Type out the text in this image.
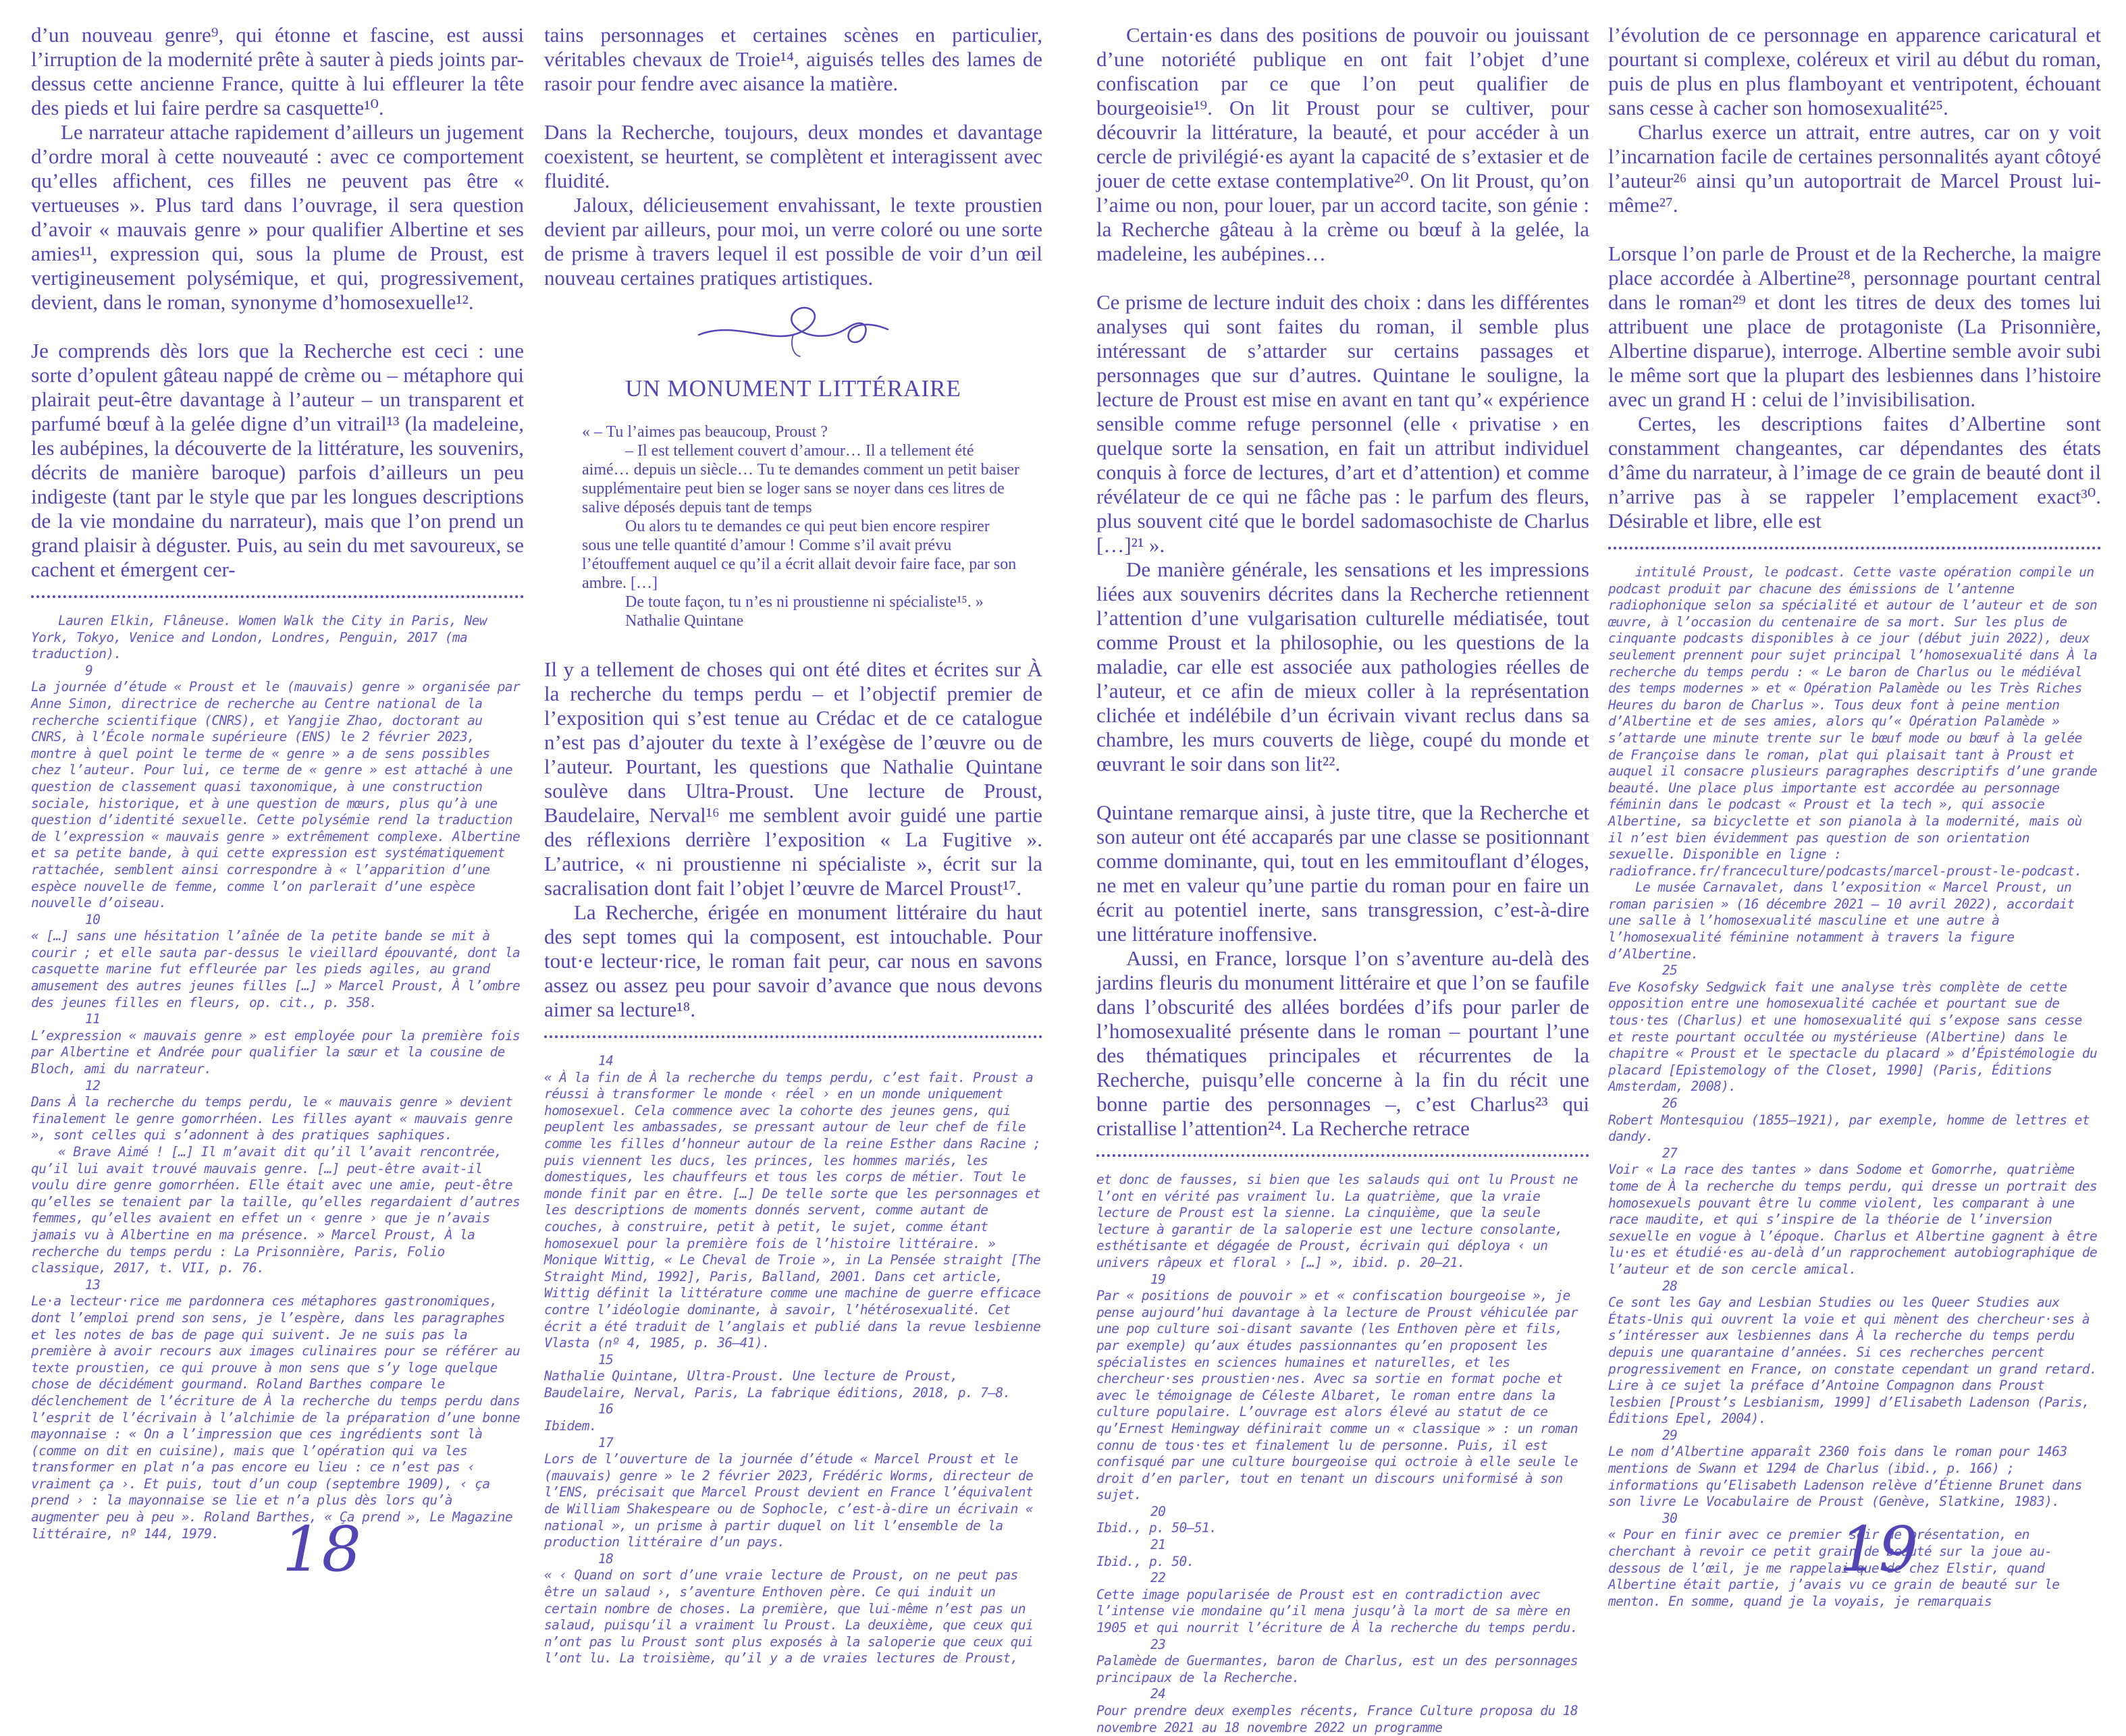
d’un nouveau genre⁹, qui étonne et fascine, est aussi l’irruption de la modernité prête à sauter à pieds joints par-dessus cette ancienne France, quitte à lui effleurer la tête des pieds et lui faire perdre sa casquette¹⁰.

Le narrateur attache rapidement d’ailleurs un jugement d’ordre moral à cette nouveauté : avec ce comportement qu’elles affichent, ces filles ne peuvent pas être « vertueuses ». Plus tard dans l’ouvrage, il sera question d’avoir « mauvais genre » pour qualifier Albertine et ses amies¹¹, expression qui, sous la plume de Proust, est vertigineusement polysémique, et qui, progressivement, devient, dans le roman, synonyme d’homosexuelle¹².

Je comprends dès lors que la Recherche est ceci : une sorte d’opulent gâteau nappé de crème ou – métaphore qui plairait peut-être davantage à l’auteur – un transparent et parfumé bœuf à la gelée digne d’un vitrail¹³ (la madeleine, les aubépines, la découverte de la littérature, les souvenirs, décrits de manière baroque) parfois d’ailleurs un peu indigeste (tant par le style que par les longues descriptions de la vie mondaine du narrateur), mais que l’on prend un grand plaisir à déguster. Puis, au sein du met savoureux, se cachent et émergent cer-

Lauren Elkin, Flâneuse. Women Walk the City in Paris, New York, Tokyo, Venice and London, Londres, Penguin, 2017 (ma traduction).

9

La journée d’étude « Proust et le (mauvais) genre » organisée par Anne Simon, directrice de recherche au Centre national de la recherche scientifique (CNRS), et Yangjie Zhao, doctorant au CNRS, à l’École normale supérieure (ENS) le 2 février 2023, montre à quel point le terme de « genre » a de sens possibles chez l’auteur. Pour lui, ce terme de « genre » est attaché à une question de classement quasi taxonomique, à une construction sociale, historique, et à une question de mœurs, plus qu’à une question d’identité sexuelle. Cette polysémie rend la traduction de l’expression « mauvais genre » extrêmement complexe. Albertine et sa petite bande, à qui cette expression est systématiquement rattachée, semblent ainsi correspondre à « l’apparition d’une espèce nouvelle de femme, comme l’on parlerait d’une espèce nouvelle d’oiseau.

10

« […] sans une hésitation l’aînée de la petite bande se mit à courir ; et elle sauta par-dessus le vieillard épouvanté, dont la casquette marine fut effleurée par les pieds agiles, au grand amusement des autres jeunes filles […] » Marcel Proust, À l’ombre des jeunes filles en fleurs, op. cit., p. 358.

11

L’expression « mauvais genre » est employée pour la première fois par Albertine et Andrée pour qualifier la sœur et la cousine de Bloch, ami du narrateur.

12

Dans À la recherche du temps perdu, le « mauvais genre » devient finalement le genre gomorrhéen. Les filles ayant « mauvais genre », sont celles qui s’adonnent à des pratiques saphiques.

« Brave Aimé ! […] Il m’avait dit qu’il l’avait rencontrée, qu’il lui avait trouvé mauvais genre. […] peut-être avait-il voulu dire genre gomorrhéen. Elle était avec une amie, peut-être qu’elles se tenaient par la taille, qu’elles regardaient d’autres femmes, qu’elles avaient en effet un ‹ genre › que je n’avais jamais vu à Albertine en ma présence. » Marcel Proust, À la recherche du temps perdu : La Prisonnière, Paris, Folio classique, 2017, t. VII, p. 76.

13

Le·a lecteur·rice me pardonnera ces métaphores gastronomiques, dont l’emploi prend son sens, je l’espère, dans les paragraphes et les notes de bas de page qui suivent. Je ne suis pas la première à avoir recours aux images culinaires pour se référer au texte proustien, ce qui prouve à mon sens que s’y loge quelque chose de décidément gourmand. Roland Barthes compare le déclenchement de l’écriture de À la recherche du temps perdu dans l’esprit de l’écrivain à l’alchimie de la préparation d’une bonne mayonnaise : « On a l’impression que ces ingrédients sont là (comme on dit en cuisine), mais que l’opération qui va les transformer en plat n’a pas encore eu lieu : ce n’est pas ‹ vraiment ça ›. Et puis, tout d’un coup (septembre 1909), ‹ ça prend › : la mayonnaise se lie et n’a plus dès lors qu’à augmenter peu à peu ». Roland Barthes, « Ça prend », Le Magazine littéraire, nº 144, 1979.

tains personnages et certaines scènes en particulier, véritables chevaux de Troie¹⁴, aiguisés telles des lames de rasoir pour fendre avec aisance la matière.

Dans la Recherche, toujours, deux mondes et davantage coexistent, se heurtent, se complètent et interagissent avec fluidité.

Jaloux, délicieusement envahissant, le texte proustien devient par ailleurs, pour moi, un verre coloré ou une sorte de prisme à travers lequel il est possible de voir d’un œil nouveau certaines pratiques artistiques.

UN MONUMENT LITTÉRAIRE

« – Tu l’aimes pas beaucoup, Proust ?

– Il est tellement couvert d’amour… Il a tellement été aimé… depuis un siècle… Tu te demandes comment un petit baiser supplémentaire peut bien se loger sans se noyer dans ces litres de salive déposés depuis tant de temps

Ou alors tu te demandes ce qui peut bien encore respirer sous une telle quantité d’amour ! Comme s’il avait prévu l’étouffement auquel ce qu’il a écrit allait devoir faire face, par son ambre. […]

De toute façon, tu n’es ni proustienne ni spécialiste¹⁵. »

Nathalie Quintane

Il y a tellement de choses qui ont été dites et écrites sur À la recherche du temps perdu – et l’objectif premier de l’exposition qui s’est tenue au Crédac et de ce catalogue n’est pas d’ajouter du texte à l’exégèse de l’œuvre ou de l’auteur. Pourtant, les questions que Nathalie Quintane soulève dans Ultra-Proust. Une lecture de Proust, Baudelaire, Nerval¹⁶ me semblent avoir guidé une partie des réflexions derrière l’exposition « La Fugitive ». L’autrice, « ni proustienne ni spécialiste », écrit sur la sacralisation dont fait l’objet l’œuvre de Marcel Proust¹⁷.

La Recherche, érigée en monument littéraire du haut des sept tomes qui la composent, est intouchable. Pour tout·e lecteur·rice, le roman fait peur, car nous en savons assez ou assez peu pour savoir d’avance que nous devons aimer sa lecture¹⁸.

14

« À la fin de À la recherche du temps perdu, c’est fait. Proust a réussi à transformer le monde ‹ réel › en un monde uniquement homosexuel. Cela commence avec la cohorte des jeunes gens, qui peuplent les ambassades, se pressant autour de leur chef de file comme les filles d’honneur autour de la reine Esther dans Racine ; puis viennent les ducs, les princes, les hommes mariés, les domestiques, les chauffeurs et tous les corps de métier. Tout le monde finit par en être. […] De telle sorte que les personnages et les descriptions de moments donnés servent, comme autant de couches, à construire, petit à petit, le sujet, comme étant homosexuel pour la première fois de l’histoire littéraire. » Monique Wittig, « Le Cheval de Troie », in La Pensée straight [The Straight Mind, 1992], Paris, Balland, 2001. Dans cet article, Wittig définit la littérature comme une machine de guerre efficace contre l’idéologie dominante, à savoir, l’hétérosexualité. Cet écrit a été traduit de l’anglais et publié dans la revue lesbienne Vlasta (nº 4, 1985, p. 36–41).

15

Nathalie Quintane, Ultra-Proust. Une lecture de Proust, Baudelaire, Nerval, Paris, La fabrique éditions, 2018, p. 7–8.

16

Ibidem.

17

Lors de l’ouverture de la journée d’étude « Marcel Proust et le (mauvais) genre » le 2 février 2023, Frédéric Worms, directeur de l’ENS, précisait que Marcel Proust devient en France l’équivalent de William Shakespeare ou de Sophocle, c’est-à-dire un écrivain « national », un prisme à partir duquel on lit l’ensemble de la production littéraire d’un pays.

18

« ‹ Quand on sort d’une vraie lecture de Proust, on ne peut pas être un salaud ›, s’aventure Enthoven père. Ce qui induit un certain nombre de choses. La première, que lui-même n’est pas un salaud, puisqu’il a vraiment lu Proust. La deuxième, que ceux qui n’ont pas lu Proust sont plus exposés à la saloperie que ceux qui l’ont lu. La troisième, qu’il y a de vraies lectures de Proust,

18

Certain·es dans des positions de pouvoir ou jouissant d’une notoriété publique en ont fait l’objet d’une confiscation par ce que l’on peut qualifier de bourgeoisie¹⁹. On lit Proust pour se cultiver, pour découvrir la littérature, la beauté, et pour accéder à un cercle de privilégié·es ayant la capacité de s’extasier et de jouer de cette extase contemplative²⁰. On lit Proust, qu’on l’aime ou non, pour louer, par un accord tacite, son génie : la Recherche gâteau à la crème ou bœuf à la gelée, la madeleine, les aubépines…

Ce prisme de lecture induit des choix : dans les différentes analyses qui sont faites du roman, il semble plus intéressant de s’attarder sur certains passages et personnages que sur d’autres. Quintane le souligne, la lecture de Proust est mise en avant en tant qu’« expérience sensible comme refuge personnel (elle ‹ privatise › en quelque sorte la sensation, en fait un attribut individuel conquis à force de lectures, d’art et d’attention) et comme révélateur de ce qui ne fâche pas : le parfum des fleurs, plus souvent cité que le bordel sadomasochiste de Charlus […]²¹ ».

De manière générale, les sensations et les impressions liées aux souvenirs décrites dans la Recherche retiennent l’attention d’une vulgarisation culturelle médiatisée, tout comme Proust et la philosophie, ou les questions de la maladie, car elle est associée aux pathologies réelles de l’auteur, et ce afin de mieux coller à la représentation clichée et indélébile d’un écrivain vivant reclus dans sa chambre, les murs couverts de liège, coupé du monde et œuvrant le soir dans son lit²².

Quintane remarque ainsi, à juste titre, que la Recherche et son auteur ont été accaparés par une classe se positionnant comme dominante, qui, tout en les emmitouflant d’éloges, ne met en valeur qu’une partie du roman pour en faire un écrit au potentiel inerte, sans transgression, c’est-à-dire une littérature inoffensive.

Aussi, en France, lorsque l’on s’aventure au-delà des jardins fleuris du monument littéraire et que l’on se faufile dans l’obscurité des allées bordées d’ifs pour parler de l’homosexualité présente dans le roman – pourtant l’une des thématiques principales et récurrentes de la Recherche, puisqu’elle concerne à la fin du récit une bonne partie des personnages –, c’est Charlus²³ qui cristallise l’attention²⁴. La Recherche retrace

et donc de fausses, si bien que les salauds qui ont lu Proust ne l’ont en vérité pas vraiment lu. La quatrième, que la vraie lecture de Proust est la sienne. La cinquième, que la seule lecture à garantir de la saloperie est une lecture consolante, esthétisante et dégagée de Proust, écrivain qui déploya ‹ un univers râpeux et floral › […] », ibid. p. 20–21.

19

Par « positions de pouvoir » et « confiscation bourgeoise », je pense aujourd’hui davantage à la lecture de Proust véhiculée par une pop culture soi-disant savante (les Enthoven père et fils, par exemple) qu’aux études passionnantes qu’en proposent les spécialistes en sciences humaines et naturelles, et les chercheur·ses proustien·nes. Avec sa sortie en format poche et avec le témoignage de Céleste Albaret, le roman entre dans la culture populaire. L’ouvrage est alors élevé au statut de ce qu’Ernest Hemingway définirait comme un « classique » : un roman connu de tous·tes et finalement lu de personne. Puis, il est confisqué par une culture bourgeoise qui octroie à elle seule le droit d’en parler, tout en tenant un discours uniformisé à son sujet.

20

Ibid., p. 50–51.

21

Ibid., p. 50.

22

Cette image popularisée de Proust est en contradiction avec l’intense vie mondaine qu’il mena jusqu’à la mort de sa mère en 1905 et qui nourrit l’écriture de À la recherche du temps perdu.

23

Palamède de Guermantes, baron de Charlus, est un des personnages principaux de la Recherche.

24

Pour prendre deux exemples récents, France Culture proposa du 18 novembre 2021 au 18 novembre 2022 un programme

l’évolution de ce personnage en apparence caricatural et pourtant si complexe, coléreux et viril au début du roman, puis de plus en plus flamboyant et ventripotent, échouant sans cesse à cacher son homosexualité²⁵.

Charlus exerce un attrait, entre autres, car on y voit l’incarnation facile de certaines personnalités ayant côtoyé l’auteur²⁶ ainsi qu’un autoportrait de Marcel Proust lui-même²⁷.

Lorsque l’on parle de Proust et de la Recherche, la maigre place accordée à Albertine²⁸, personnage pourtant central dans le roman²⁹ et dont les titres de deux des tomes lui attribuent une place de protagoniste (La Prisonnière, Albertine disparue), interroge. Albertine semble avoir subi le même sort que la plupart des lesbiennes dans l’histoire avec un grand H : celui de l’invisibilisation.

Certes, les descriptions faites d’Albertine sont constamment changeantes, car dépendantes des états d’âme du narrateur, à l’image de ce grain de beauté dont il n’arrive pas à se rappeler l’emplacement exact³⁰. Désirable et libre, elle est

intitulé Proust, le podcast. Cette vaste opération compile un podcast produit par chacune des émissions de l’antenne radiophonique selon sa spécialité et autour de l’auteur et de son œuvre, à l’occasion du centenaire de sa mort. Sur les plus de cinquante podcasts disponibles à ce jour (début juin 2022), deux seulement prennent pour sujet principal l’homosexualité dans À la recherche du temps perdu : « Le baron de Charlus ou le médiéval des temps modernes » et « Opération Palamède ou les Très Riches Heures du baron de Charlus ». Tous deux font à peine mention d’Albertine et de ses amies, alors qu’« Opération Palamède » s’attarde une minute trente sur le bœuf mode ou bœuf à la gelée de Françoise dans le roman, plat qui plaisait tant à Proust et auquel il consacre plusieurs paragraphes descriptifs d’une grande beauté. Une place plus importante est accordée au personnage féminin dans le podcast « Proust et la tech », qui associe Albertine, sa bicyclette et son pianola à la modernité, mais où il n’est bien évidemment pas question de son orientation sexuelle. Disponible en ligne : radiofrance.fr/franceculture/podcasts/marcel-proust-le-podcast.

Le musée Carnavalet, dans l’exposition « Marcel Proust, un roman parisien » (16 décembre 2021 – 10 avril 2022), accordait une salle à l’homosexualité masculine et une autre à l’homosexualité féminine notamment à travers la figure d’Albertine.

25

Eve Kosofsky Sedgwick fait une analyse très complète de cette opposition entre une homosexualité cachée et pourtant sue de tous·tes (Charlus) et une homosexualité qui s’expose sans cesse et reste pourtant occultée ou mystérieuse (Albertine) dans le chapitre « Proust et le spectacle du placard » d’Épistémologie du placard [Epistemology of the Closet, 1990] (Paris, Éditions Amsterdam, 2008).

26

Robert Montesquiou (1855–1921), par exemple, homme de lettres et dandy.

27

Voir « La race des tantes » dans Sodome et Gomorrhe, quatrième tome de À la recherche du temps perdu, qui dresse un portrait des homosexuels pouvant être lu comme violent, les comparant à une race maudite, et qui s’inspire de la théorie de l’inversion sexuelle en vogue à l’époque. Charlus et Albertine gagnent à être lu·es et étudié·es au-delà d’un rapprochement autobiographique de l’auteur et de son cercle amical.

28

Ce sont les Gay and Lesbian Studies ou les Queer Studies aux États-Unis qui ouvrent la voie et qui mènent des chercheur·ses à s’intéresser aux lesbiennes dans À la recherche du temps perdu depuis une quarantaine d’années. Si ces recherches percent progressivement en France, on constate cependant un grand retard. Lire à ce sujet la préface d’Antoine Compagnon dans Proust lesbien [Proust’s Lesbianism, 1999] d’Elisabeth Ladenson (Paris, Éditions Epel, 2004).

29

Le nom d’Albertine apparaît 2360 fois dans le roman pour 1463 mentions de Swann et 1294 de Charlus (ibid., p. 166) ; informations qu’Elisabeth Ladenson relève d’Étienne Brunet dans son livre Le Vocabulaire de Proust (Genève, Slatkine, 1983).

30

« Pour en finir avec ce premier soir de présentation, en cherchant à revoir ce petit grain de beauté sur la joue au-dessous de l’œil, je me rappelai que de chez Elstir, quand Albertine était partie, j’avais vu ce grain de beauté sur le menton. En somme, quand je la voyais, je remarquais

19
